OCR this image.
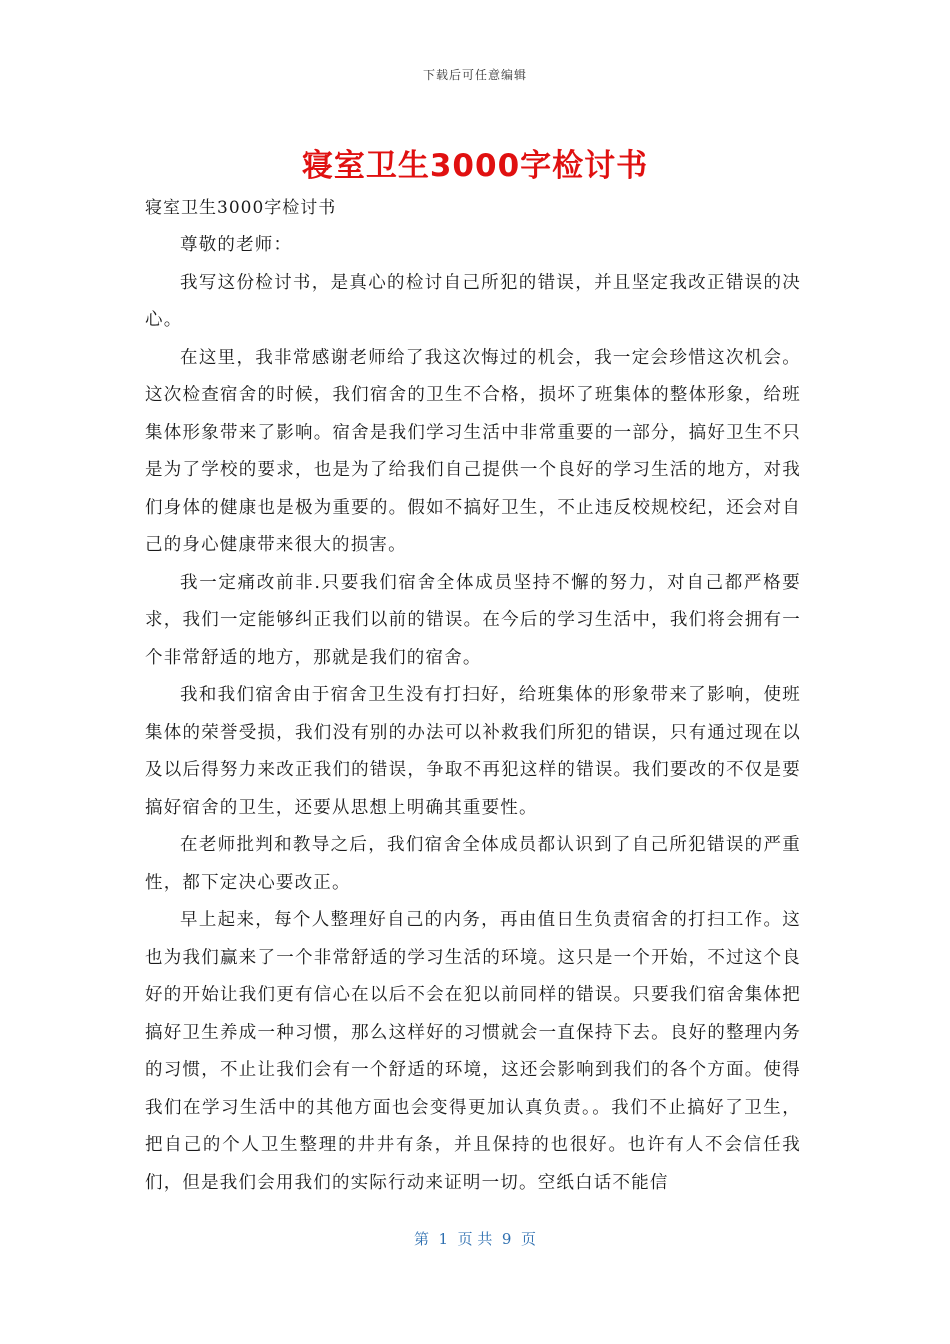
下载后可任意编辑
寝室卫生3000字检讨书

寝室卫生3000字检讨书

尊敬的老师：

我写这份检讨书，是真心的检讨自己所犯的错误，并且坚定我改正错误的决心。

在这里，我非常感谢老师给了我这次悔过的机会，我一定会珍惜这次机会。这次检查宿舍的时候，我们宿舍的卫生不合格，损坏了班集体的整体形象，给班集体形象带来了影响。宿舍是我们学习生活中非常重要的一部分，搞好卫生不只是为了学校的要求，也是为了给我们自己提供一个良好的学习生活的地方，对我们身体的健康也是极为重要的。假如不搞好卫生，不止违反校规校纪，还会对自己的身心健康带来很大的损害。

我一定痛改前非.只要我们宿舍全体成员坚持不懈的努力，对自己都严格要求，我们一定能够纠正我们以前的错误。在今后的学习生活中，我们将会拥有一个非常舒适的地方，那就是我们的宿舍。

我和我们宿舍由于宿舍卫生没有打扫好，给班集体的形象带来了影响，使班集体的荣誉受损，我们没有别的办法可以补救我们所犯的错误，只有通过现在以及以后得努力来改正我们的错误，争取不再犯这样的错误。我们要改的不仅是要搞好宿舍的卫生，还要从思想上明确其重要性。

在老师批判和教导之后，我们宿舍全体成员都认识到了自己所犯错误的严重性，都下定决心要改正。

早上起来，每个人整理好自己的内务，再由值日生负责宿舍的打扫工作。这也为我们赢来了一个非常舒适的学习生活的环境。这只是一个开始，不过这个良好的开始让我们更有信心在以后不会在犯以前同样的错误。只要我们宿舍集体把搞好卫生养成一种习惯，那么这样好的习惯就会一直保持下去。良好的整理内务的习惯，不止让我们会有一个舒适的环境，这还会影响到我们的各个方面。使得我们在学习生活中的其他方面也会变得更加认真负责。。我们不止搞好了卫生，把自己的个人卫生整理的井井有条，并且保持的也很好。也许有人不会信任我们，但是我们会用我们的实际行动来证明一切。空纸白话不能信

第  1  页 共  9  页
